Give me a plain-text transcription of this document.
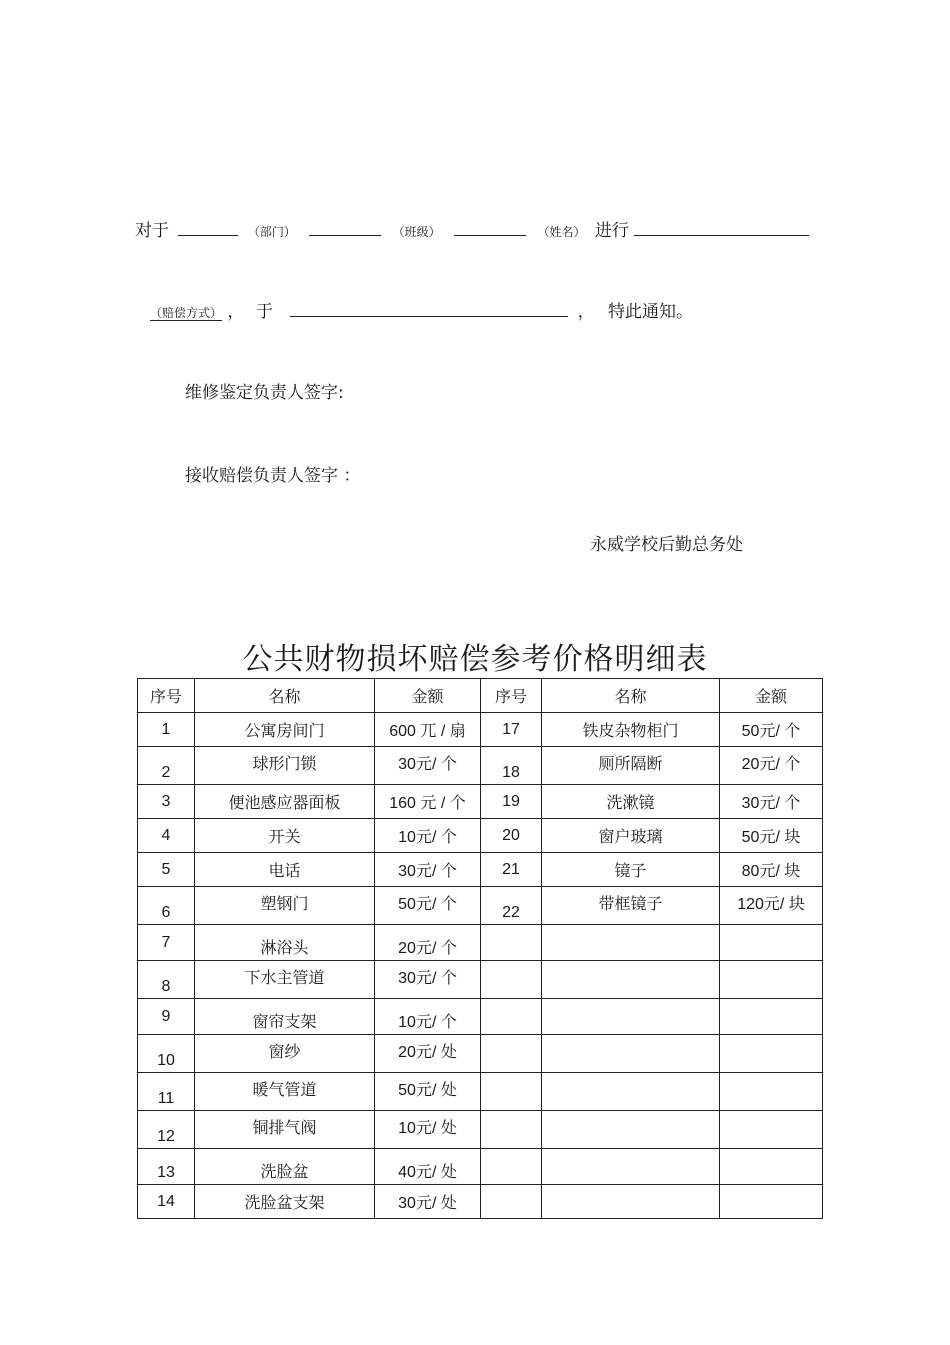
对于	（部门）	（班级）	（姓名） 进行
（赔偿方式） ， 于	， 特此通知。
维修鉴定负责人签字:
接收赔偿负责人签字 ：
永威学校后勤总务处
公共财物损坏赔偿参考价格明细表
序号	名称	金额	序号	名称	金额
1	公寓房间门	600 兀 / 扇	17	铁皮杂物柜门	50元/ 个
2	球形门锁	30元/ 个	18	厕所隔断	20元/ 个
3	便池感应器面板	160 元 / 个	19	洗漱镜	30元/ 个
4	开关	10元/ 个	20	窗户玻璃	50元/ 块
5	电话	30元/ 个	21	镜子	80元/ 块
6	塑钢门	50元/ 个	22	带框镜子	120元/ 块
7	淋浴头	20元/ 个			
8	下水主管道	30元/ 个			
9	窗帘支架	10元/ 个			
10	窗纱	20元/ 处			
11	暖气管道	50元/ 处			
12	铜排气阀	10元/ 处			
13	洗脸盆	40元/ 处			
14	洗脸盆支架	30元/ 处			
